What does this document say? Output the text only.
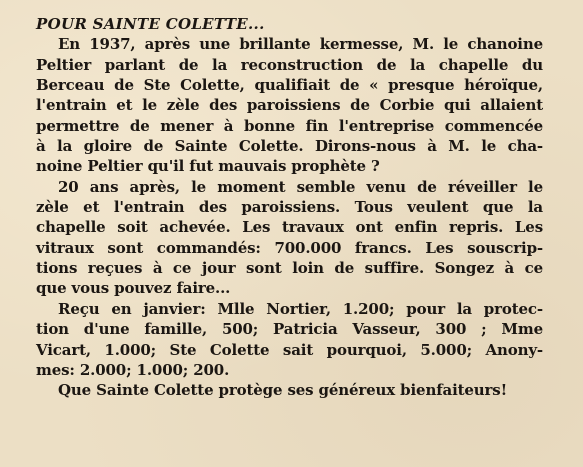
POUR SAINTE COLETTE...

En 1937, après une brillante kermesse, M. le chanoine
Peltier parlant de la reconstruction de la chapelle du
Berceau de Ste Colette, qualifiait de « presque héroïque,
l'entrain et le zèle des paroissiens de Corbie qui allaient
permettre de mener à bonne fin l'entreprise commencée
à la gloire de Sainte Colette. Dirons-nous à M. le cha-
noine Peltier qu'il fut mauvais prophète ?

20 ans après, le moment semble venu de réveiller le
zèle et l'entrain des paroissiens. Tous veulent que la
chapelle soit achevée. Les travaux ont enfin repris. Les
vitraux sont commandés: 700.000 francs. Les souscrip-
tions reçues à ce jour sont loin de suffire. Songez à ce
que vous pouvez faire...

Reçu en janvier: Mlle Nortier, 1.200; pour la protec-
tion d'une famille, 500; Patricia Vasseur, 300 ; Mme
Vicart, 1.000; Ste Colette sait pourquoi, 5.000; Anony-
mes: 2.000; 1.000; 200.

Que Sainte Colette protège ses généreux bienfaiteurs!
